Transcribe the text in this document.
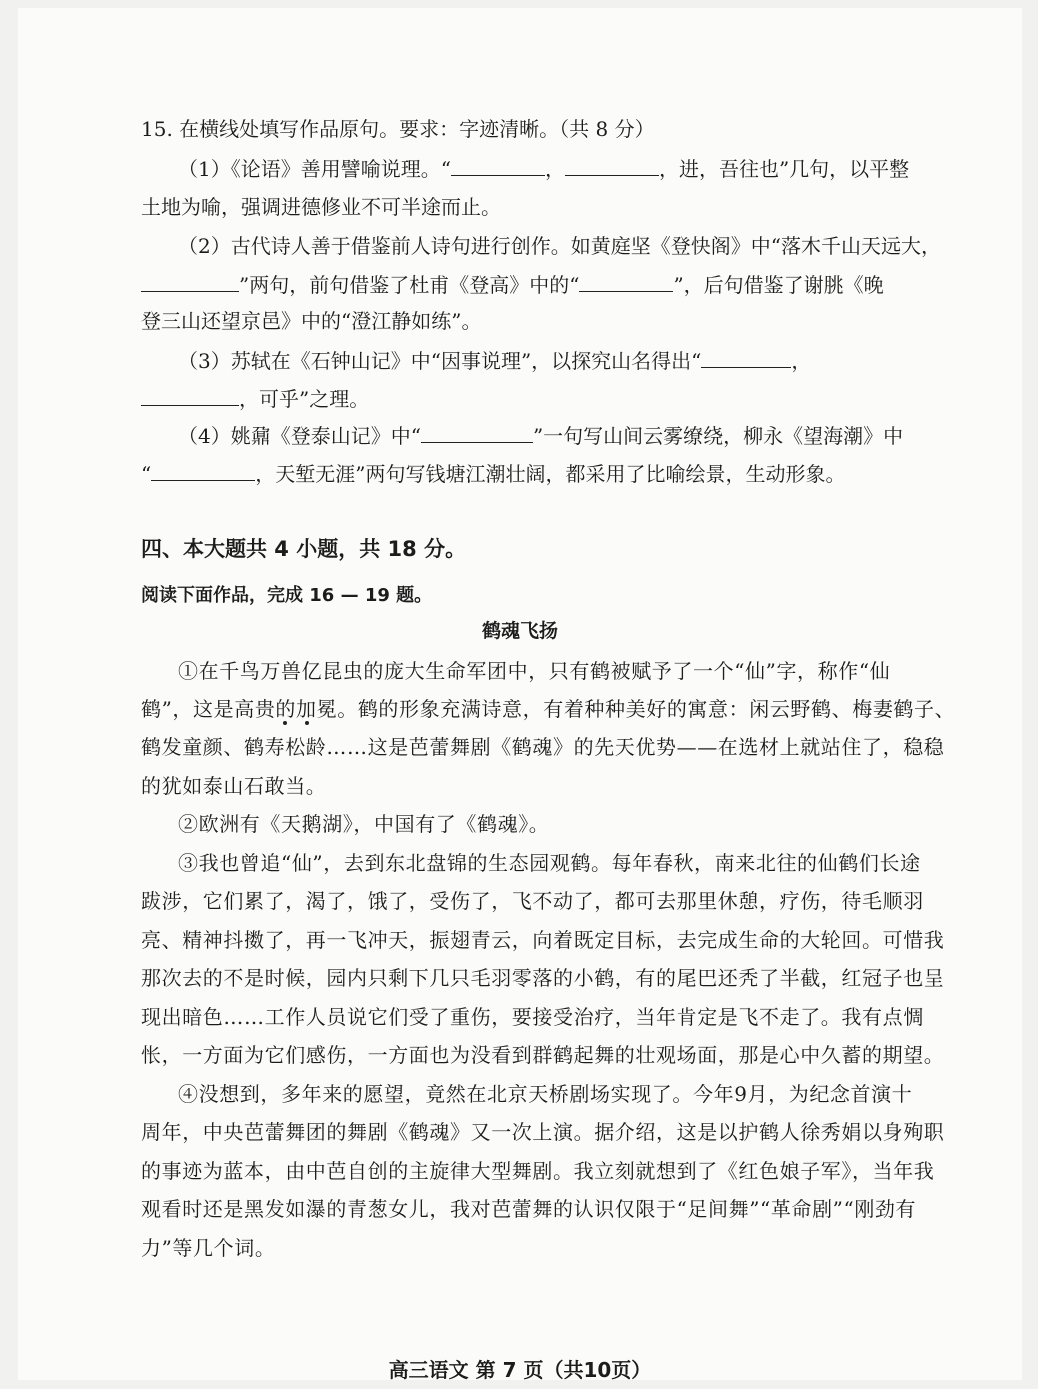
15. 在横线处填写作品原句。要求：字迹清晰。（共 8 分）
（1）《论语》善用譬喻说理。“	，	，进，吾往也”几句，以平整
土地为喻，强调进德修业不可半途而止。
（2）古代诗人善于借鉴前人诗句进行创作。如黄庭坚《登快阁》中“落木千山天远大，
”两句，前句借鉴了杜甫《登高》中的“	”，后句借鉴了谢朓《晚
登三山还望京邑》中的“澄江静如练”。
（3）苏轼在《石钟山记》中“因事说理”，以探究山名得出“	，
，可乎”之理。
（4）姚鼐《登泰山记》中“	”一句写山间云雾缭绕，柳永《望海潮》中
“	，天堑无涯”两句写钱塘江潮壮阔，都采用了比喻绘景，生动形象。
四、本大题共 4 小题，共 18 分。
阅读下面作品，完成 16 — 19 题。
鹤魂飞扬
①在千鸟万兽亿昆虫的庞大生命军团中，只有鹤被赋予了一个“仙”字，称作“仙
鹤”，这是高贵的加冕。鹤的形象充满诗意，有着种种美好的寓意：闲云野鹤、梅妻鹤子、
鹤发童颜、鹤寿松龄……这是芭蕾舞剧《鹤魂》的先天优势——在选材上就站住了，稳稳
的犹如泰山石敢当。
②欧洲有《天鹅湖》，中国有了《鹤魂》。
③我也曾追“仙”，去到东北盘锦的生态园观鹤。每年春秋，南来北往的仙鹤们长途
跋涉，它们累了，渴了，饿了，受伤了，飞不动了，都可去那里休憩，疗伤，待毛顺羽
亮、精神抖擞了，再一飞冲天，振翅青云，向着既定目标，去完成生命的大轮回。可惜我
那次去的不是时候，园内只剩下几只毛羽零落的小鹤，有的尾巴还秃了半截，红冠子也呈
现出暗色……工作人员说它们受了重伤，要接受治疗，当年肯定是飞不走了。我有点惆
怅，一方面为它们感伤，一方面也为没看到群鹤起舞的壮观场面，那是心中久蓄的期望。
④没想到，多年来的愿望，竟然在北京天桥剧场实现了。今年9月，为纪念首演十
周年，中央芭蕾舞团的舞剧《鹤魂》又一次上演。据介绍，这是以护鹤人徐秀娟以身殉职
的事迹为蓝本，由中芭自创的主旋律大型舞剧。我立刻就想到了《红色娘子军》，当年我
观看时还是黑发如瀑的青葱女儿，我对芭蕾舞的认识仅限于“足间舞”“革命剧”“刚劲有
力”等几个词。
高三语文 第 7 页（共10页）
